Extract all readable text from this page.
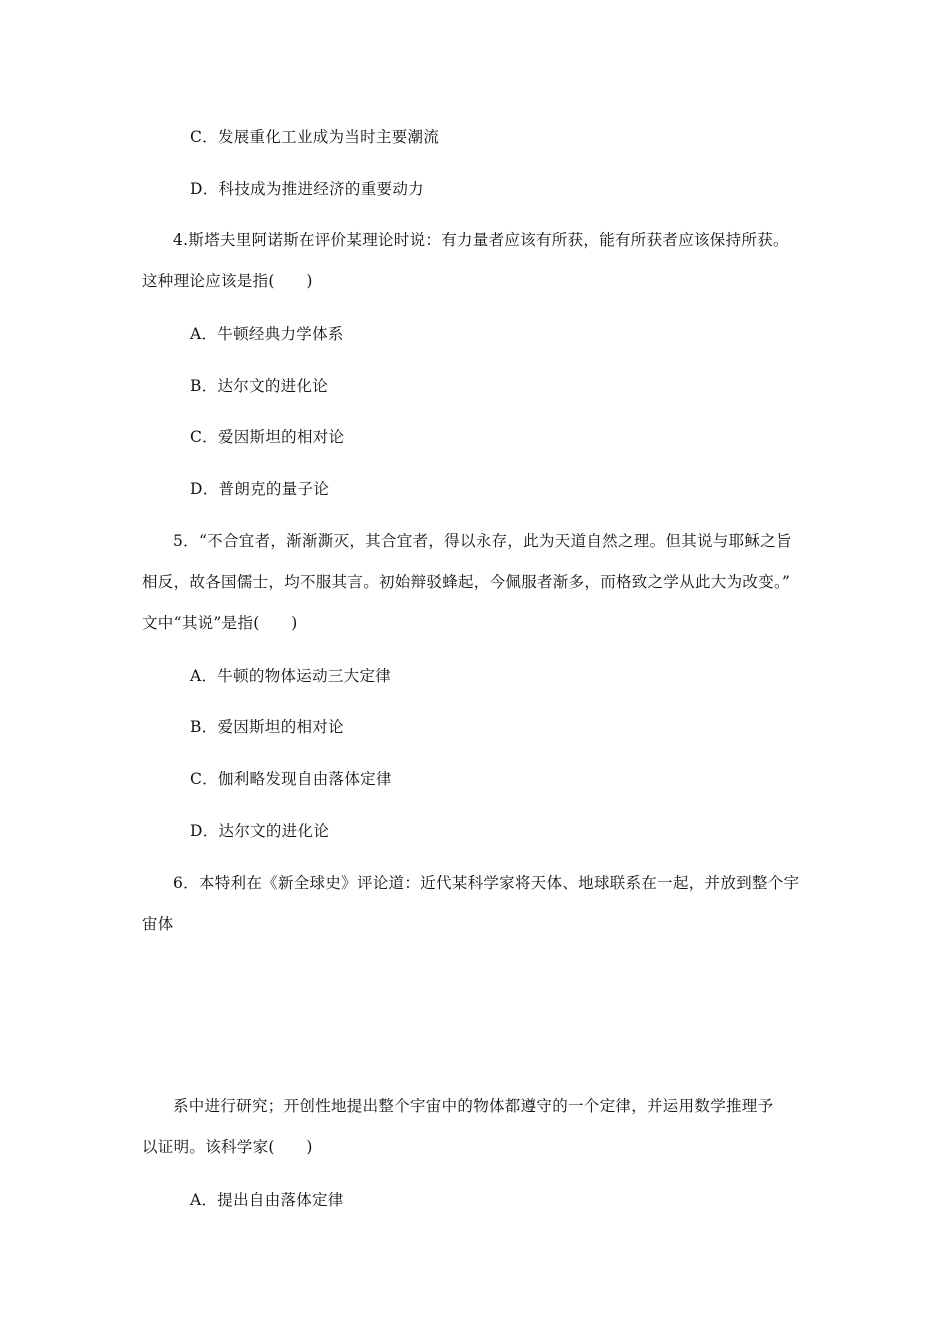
C．发展重化工业成为当时主要潮流
D．科技成为推进经济的重要动力
4.斯塔夫里阿诺斯在评价某理论时说：有力量者应该有所获，能有所获者应该保持所获。
这种理论应该是指(　　)
A．牛顿经典力学体系
B．达尔文的进化论
C．爱因斯坦的相对论
D．普朗克的量子论
5．“不合宜者，渐渐澌灭，其合宜者，得以永存，此为天道自然之理。但其说与耶稣之旨
相反，故各国儒士，均不服其言。初始辩驳蜂起，今佩服者渐多，而格致之学从此大为改变。”
文中“其说”是指(　　)
A．牛顿的物体运动三大定律
B．爱因斯坦的相对论
C．伽利略发现自由落体定律
D．达尔文的进化论
6．本特利在《新全球史》评论道：近代某科学家将天体、地球联系在一起，并放到整个宇
宙体
系中进行研究；开创性地提出整个宇宙中的物体都遵守的一个定律，并运用数学推理予
以证明。该科学家(　　)
A．提出自由落体定律
